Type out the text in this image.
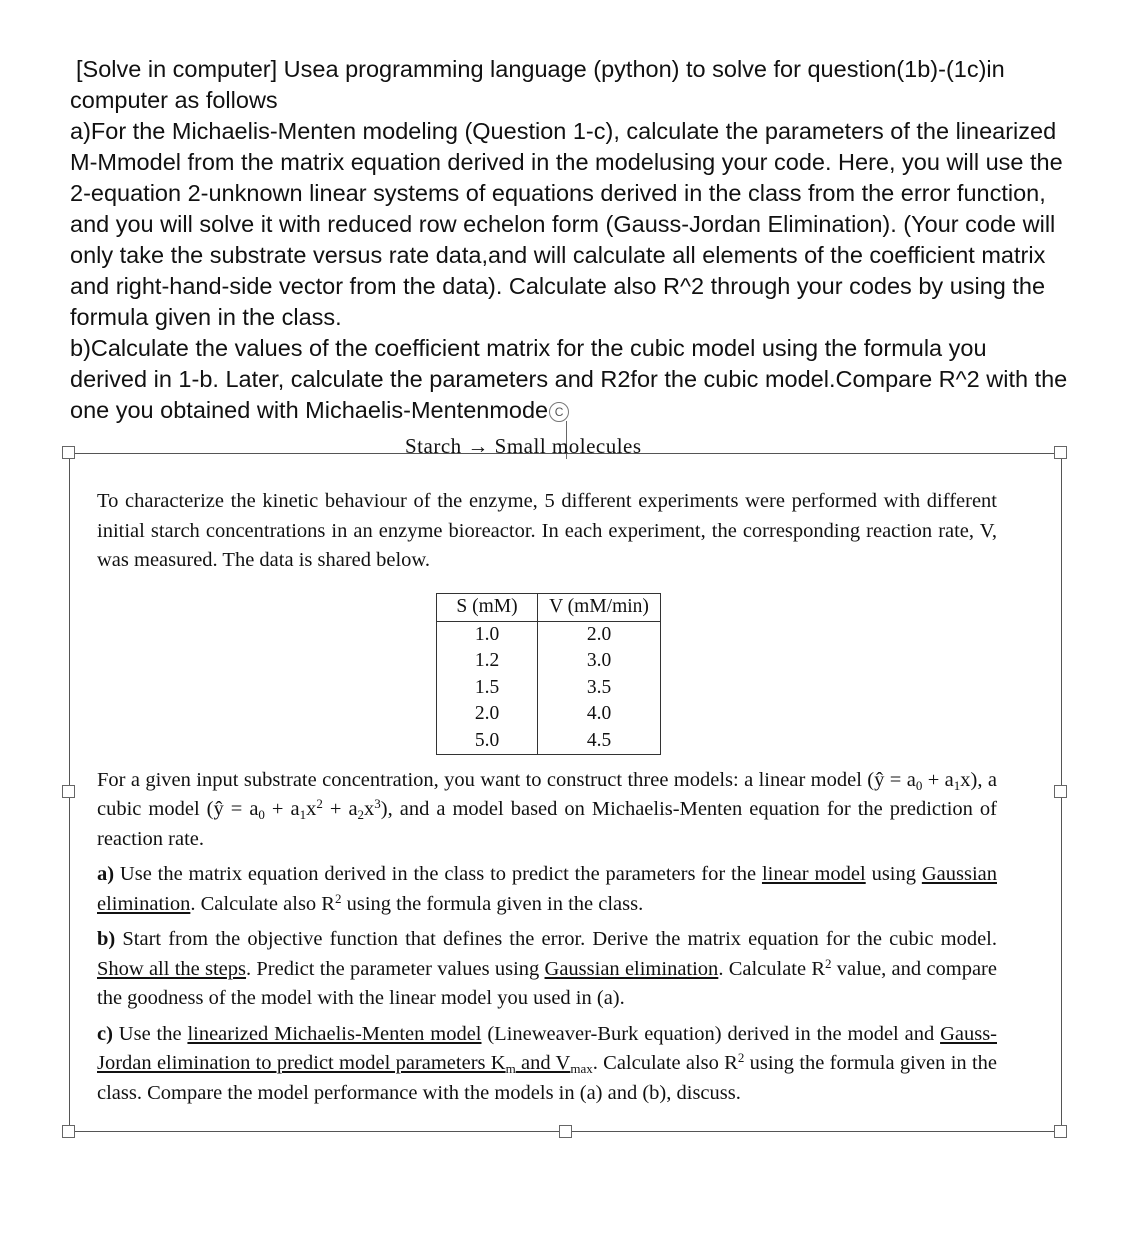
[Solve in computer] Usea programming language (python) to solve for question(1b)-(1c)in

computer as follows

a)For the Michaelis-Menten modeling (Question 1-c), calculate the parameters of the linearized M-Mmodel from the matrix equation derived in the modelusing your code. Here, you will use the 2-equation 2-unknown linear systems of equations derived in the class from the error function, and you will solve it with reduced row echelon form (Gauss-Jordan Elimination). (Your code will only take the substrate versus rate data,and will calculate all elements of the coefficient matrix and right-hand-side vector from the data). Calculate also R^2 through your codes by using the formula given in the class.

b)Calculate the values of the coefficient matrix for the cubic model using the formula you derived in 1-b. Later, calculate the parameters and R2for the cubic model.Compare R^2 with the one you obtained with Michaelis-Mentenmode C

Starch → Small molecules

To characterize the kinetic behaviour of the enzyme, 5 different experiments were performed with different initial starch concentrations in an enzyme bioreactor. In each experiment, the corresponding reaction rate, V, was measured. The data is shared below.

For a given input substrate concentration, you want to construct three models: a linear model (ŷ = $a_0 + a_1x$), a cubic model (ŷ = $a_0 + a_1x^2 + a_2x^3$), and a model based on Michaelis-Menten equation for the prediction of reaction rate.

a) Use the matrix equation derived in the class to predict the parameters for the linear model using Gaussian elimination. Calculate also $R^2$ using the formula given in the class.

b) Start from the objective function that defines the error. Derive the matrix equation for the cubic model. Show all the steps. Predict the parameter values using Gaussian elimination. Calculate $R^2$ value, and compare the goodness of the model with the linear model you used in (a).

c) Use the linearized Michaelis-Menten model (Lineweaver-Burk equation) derived in the model and Gauss-Jordan elimination to predict model parameters $K_m$ and $V_{max}$. Calculate also $R^2$ using the formula given in the class. Compare the model performance with the models in (a) and (b), discuss.

S (mM)	V (mM/min)
1.0	2.0
1.2	3.0
1.5	3.5
2.0	4.0
5.0	4.5
